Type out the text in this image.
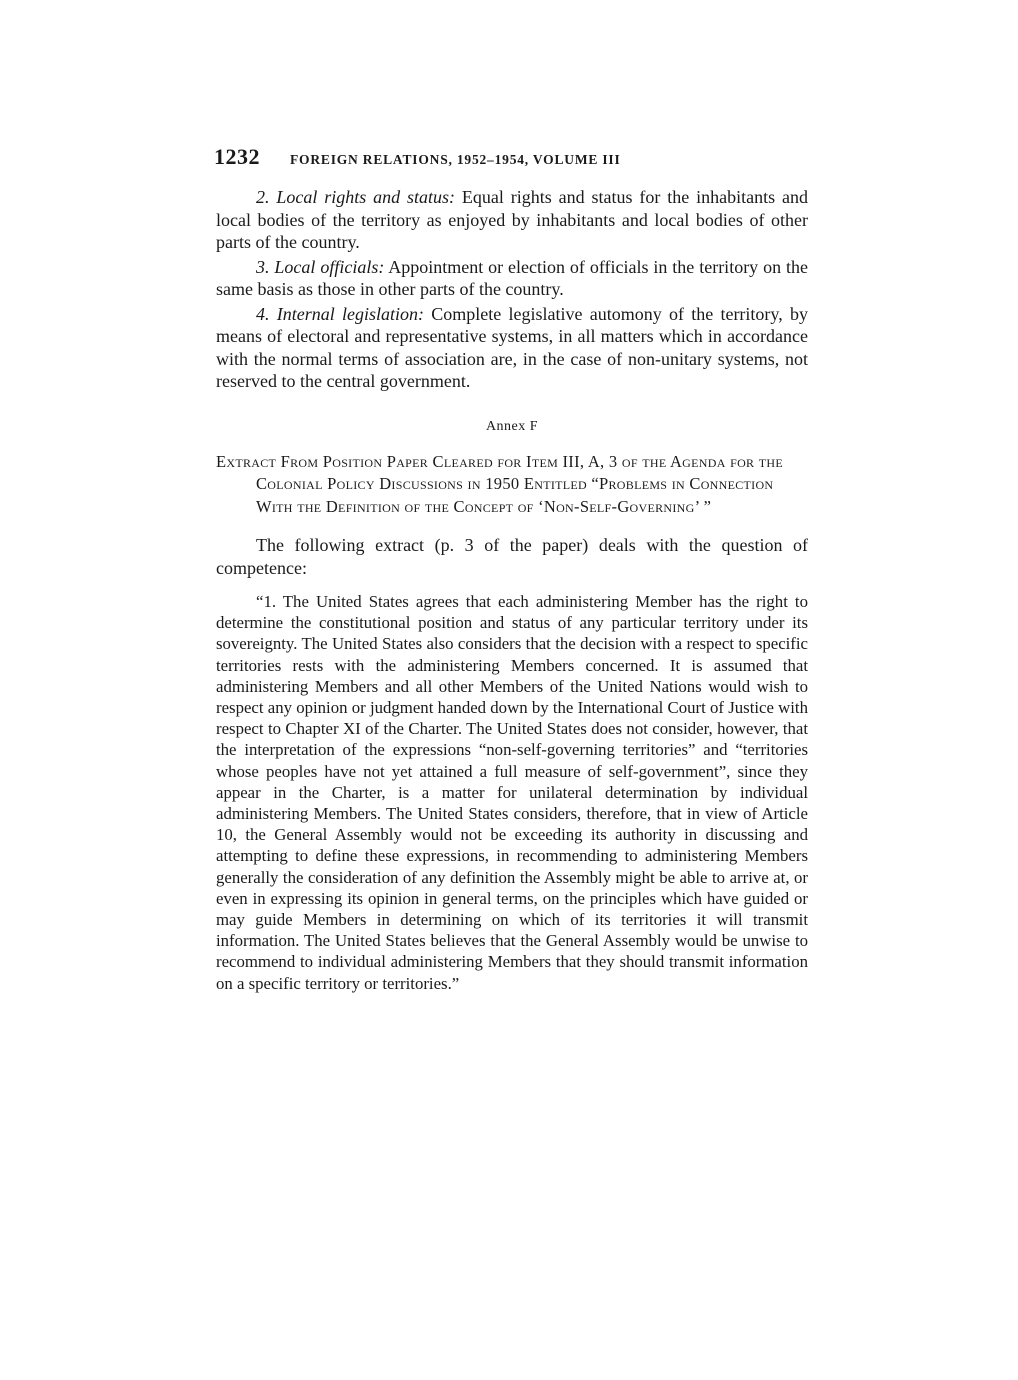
1232 FOREIGN RELATIONS, 1952–1954, VOLUME III

2. Local rights and status: Equal rights and status for the inhabitants and local bodies of the territory as enjoyed by inhabitants and local bodies of other parts of the country.

3. Local officials: Appointment or election of officials in the territory on the same basis as those in other parts of the country.

4. Internal legislation: Complete legislative automony of the territory, by means of electoral and representative systems, in all matters which in accordance with the normal terms of association are, in the case of non-unitary systems, not reserved to the central government.

Annex F

Extract From Position Paper Cleared for Item III, A, 3 of the Agenda for the Colonial Policy Discussions in 1950 Entitled “Problems in Connection With the Definition of the Concept of ‘Non-Self-Governing’ ”

The following extract (p. 3 of the paper) deals with the question of competence:

“1. The United States agrees that each administering Member has the right to determine the constitutional position and status of any particular territory under its sovereignty. The United States also considers that the decision with a respect to specific territories rests with the administering Members concerned. It is assumed that administering Members and all other Members of the United Nations would wish to respect any opinion or judgment handed down by the International Court of Justice with respect to Chapter XI of the Charter. The United States does not consider, however, that the interpretation of the expressions “non-self-governing territories” and “territories whose peoples have not yet attained a full measure of self-government”, since they appear in the Charter, is a matter for unilateral determination by individual administering Members. The United States considers, therefore, that in view of Article 10, the General Assembly would not be exceeding its authority in discussing and attempting to define these expressions, in recommending to administering Members generally the consideration of any definition the Assembly might be able to arrive at, or even in expressing its opinion in general terms, on the principles which have guided or may guide Members in determining on which of its territories it will transmit information. The United States believes that the General Assembly would be unwise to recommend to individual administering Members that they should transmit information on a specific territory or territories.”
